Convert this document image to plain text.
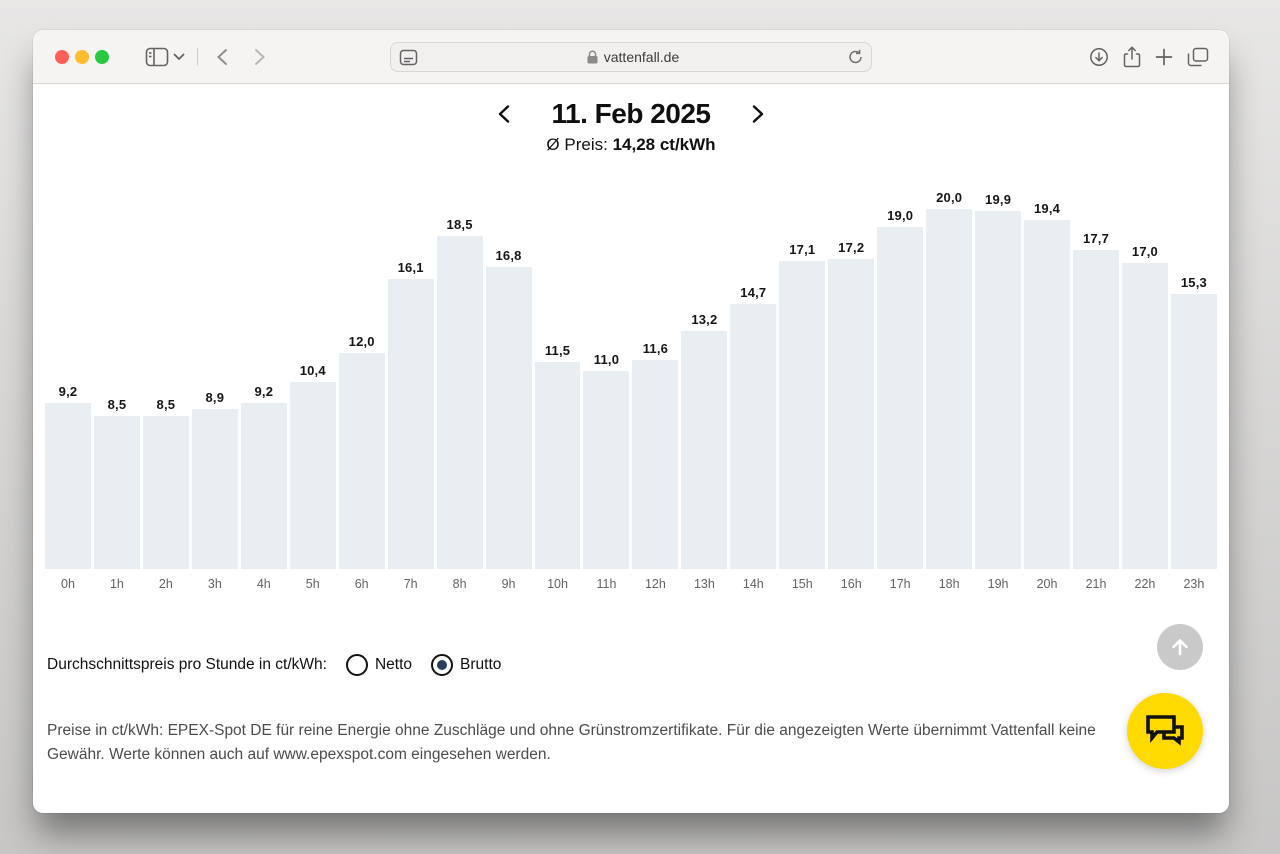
vattenfall.de
11. Feb 2025
Ø Preis: 14,28 ct/kWh
9,2
8,5 8,5 8,9 9,2
10,4
12,0
16,1
18,5
16,8
11,5
11,0
11,6
13,2
14,7
17,1 17,2
19,0
20,0 19,9
19,4
17,7
17,0
15,3
0h	1h	2h	3h	4h	5h	6h	7h	8h	9h	10h	11h	12h	13h	14h	15h	16h	17h	18h	19h	20h	21h	22h	23h
Durchschnittspreis pro Stunde in ct/kWh:	Netto	Brutto

Preise in ct/kWh: EPEX-Spot DE für reine Energie ohne Zuschläge und ohne Grünstromzertifikate. Für die angezeigten Werte übernimmt Vattenfall keine Gewähr. Werte können auch auf www.epexspot.com eingesehen werden.
